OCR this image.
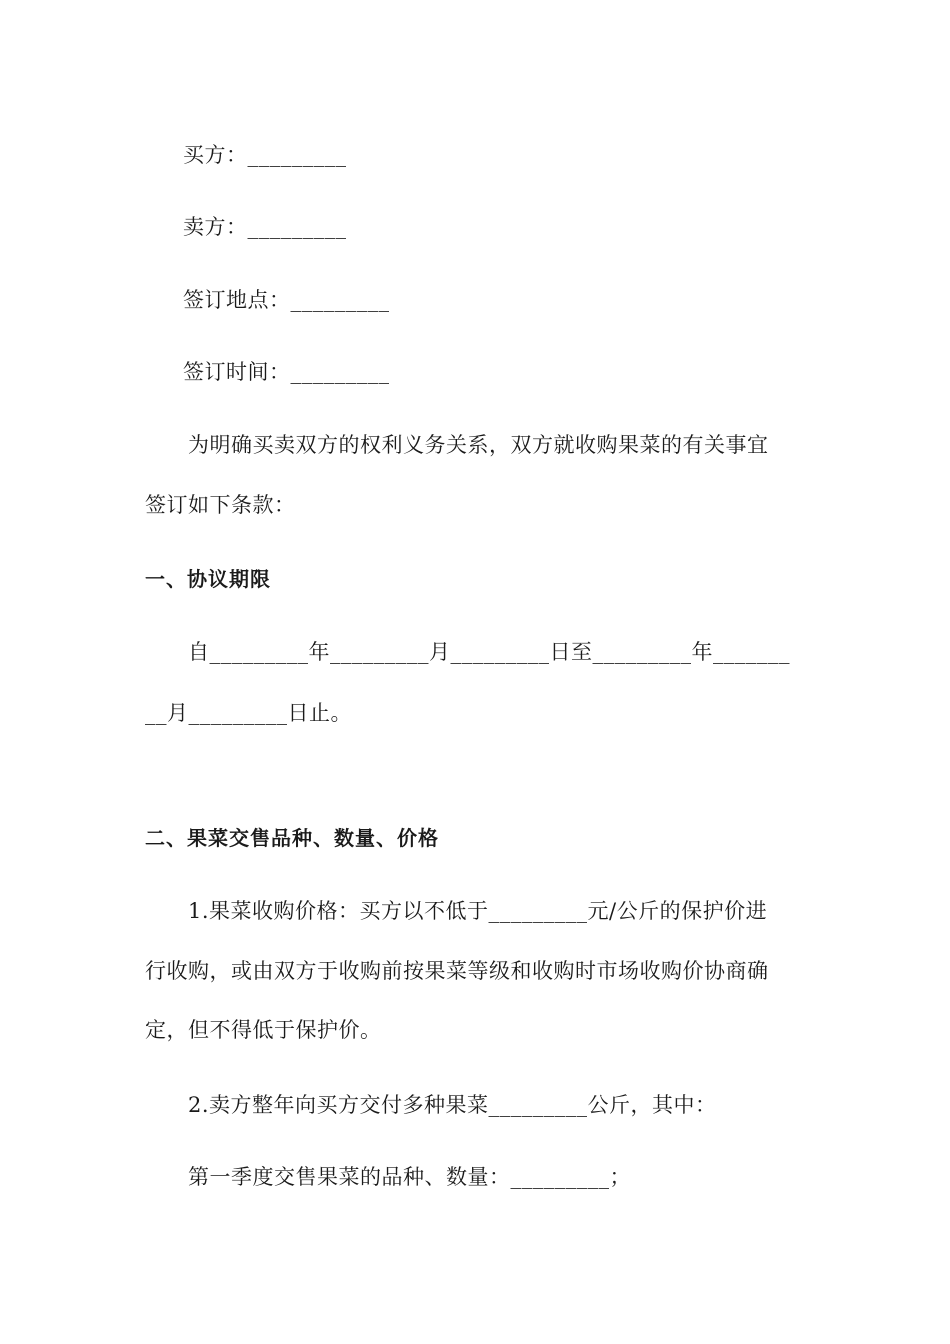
买方：_________
卖方：_________
签订地点：_________
签订时间：_________
为明确买卖双方的权利义务关系，双方就收购果菜的有关事宜
签订如下条款：
一、协议期限
自_________年_________月_________日至_________年_______
__月_________日止。
二、果菜交售品种、数量、价格
1.果菜收购价格：买方以不低于_________元/公斤的保护价进
行收购，或由双方于收购前按果菜等级和收购时市场收购价协商确
定，但不得低于保护价。
2.卖方整年向买方交付多种果菜_________公斤，其中：
第一季度交售果菜的品种、数量：_________；
